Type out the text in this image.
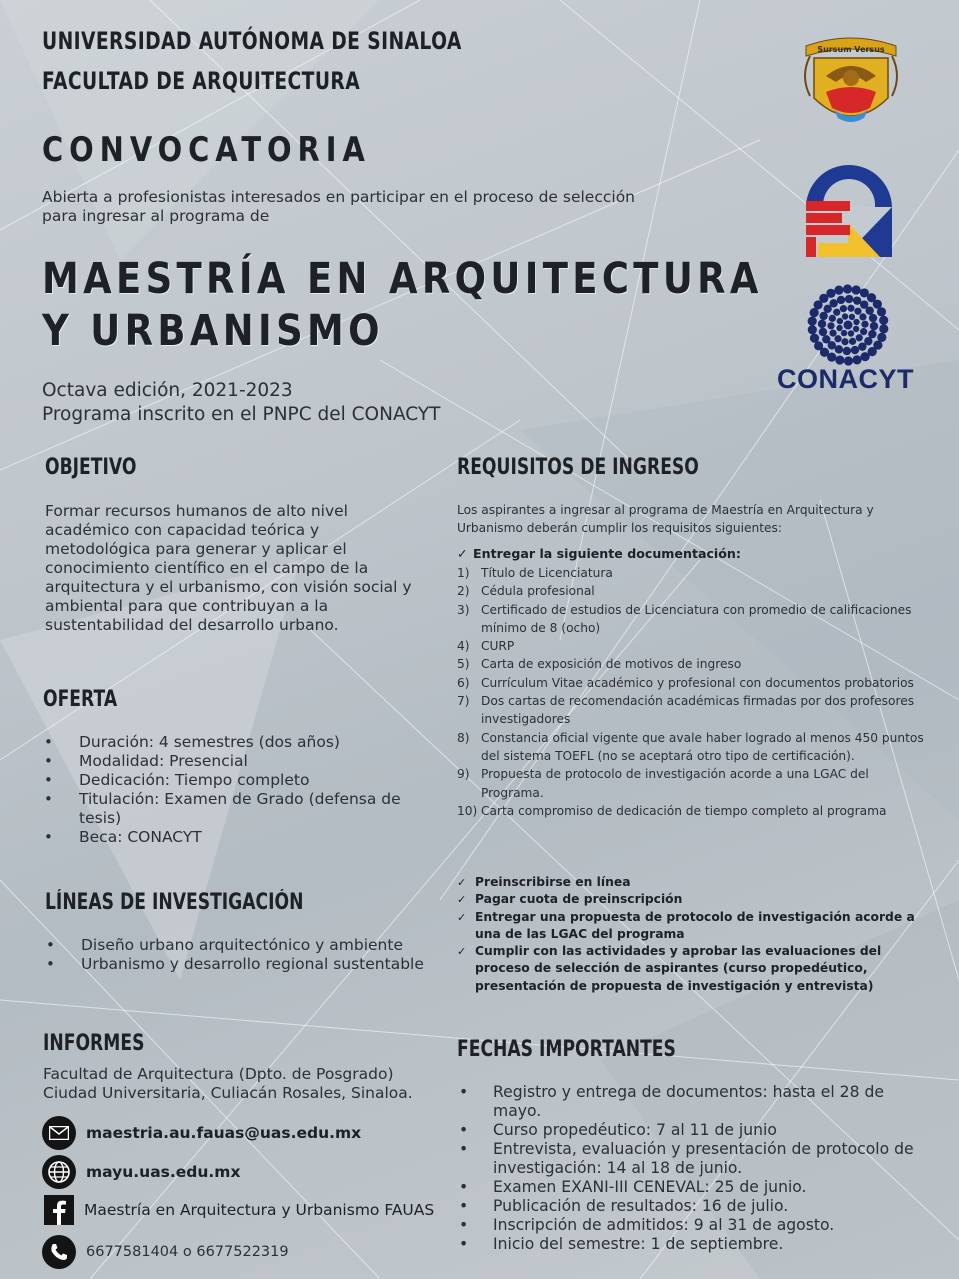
UNIVERSIDAD AUTÓNOMA DE SINALOA
FACULTAD DE ARQUITECTURA
CONVOCATORIA
Abierta a profesionistas interesados en participar en el proceso de selección
para ingresar al programa de
MAESTRÍA EN ARQUITECTURA
Y URBANISMO
Octava edición, 2021-2023
Programa inscrito en el PNPC del CONACYT
Sursum Versus
CONACYT
OBJETIVO
Formar recursos humanos de alto nivel
académico con capacidad teórica y
metodológica para generar y aplicar el
conocimiento científico en el campo de la
arquitectura y el urbanismo, con visión social y
ambiental para que contribuyan a la
sustentabilidad del desarrollo urbano.
OFERTA
• Duración: 4 semestres (dos años)
• Modalidad: Presencial
• Dedicación: Tiempo completo
• Titulación: Examen de Grado (defensa de tesis)
• Beca: CONACYT
LÍNEAS DE INVESTIGACIÓN
• Diseño urbano arquitectónico y ambiente
• Urbanismo y desarrollo regional sustentable
INFORMES
Facultad de Arquitectura (Dpto. de Posgrado)
Ciudad Universitaria, Culiacán Rosales, Sinaloa.
maestria.au.fauas@uas.edu.mx
mayu.uas.edu.mx
Maestría en Arquitectura y Urbanismo FAUAS
6677581404 o 6677522319
REQUISITOS DE INGRESO
Los aspirantes a ingresar al programa de Maestría en Arquitectura y
Urbanismo deberán cumplir los requisitos siguientes:
✓ Entregar la siguiente documentación:
1) Título de Licenciatura
2) Cédula profesional
3) Certificado de estudios de Licenciatura con promedio de calificaciones mínimo de 8 (ocho)
4) CURP
5) Carta de exposición de motivos de ingreso
6) Currículum Vitae académico y profesional con documentos probatorios
7) Dos cartas de recomendación académicas firmadas por dos profesores investigadores
8) Constancia oficial vigente que avale haber logrado al menos 450 puntos del sistema TOEFL (no se aceptará otro tipo de certificación).
9) Propuesta de protocolo de investigación acorde a una LGAC del Programa.
10) Carta compromiso de dedicación de tiempo completo al programa
✓ Preinscribirse en línea
✓ Pagar cuota de preinscripción
✓ Entregar una propuesta de protocolo de investigación acorde a una de las LGAC del programa
✓ Cumplir con las actividades y aprobar las evaluaciones del proceso de selección de aspirantes (curso propedéutico, presentación de propuesta de investigación y entrevista)
FECHAS IMPORTANTES
• Registro y entrega de documentos: hasta el 28 de mayo.
• Curso propedéutico: 7 al 11 de junio
• Entrevista, evaluación y presentación de protocolo de investigación: 14 al 18 de junio.
• Examen EXANI-III CENEVAL: 25 de junio.
• Publicación de resultados: 16 de julio.
• Inscripción de admitidos: 9 al 31 de agosto.
• Inicio del semestre: 1 de septiembre.
